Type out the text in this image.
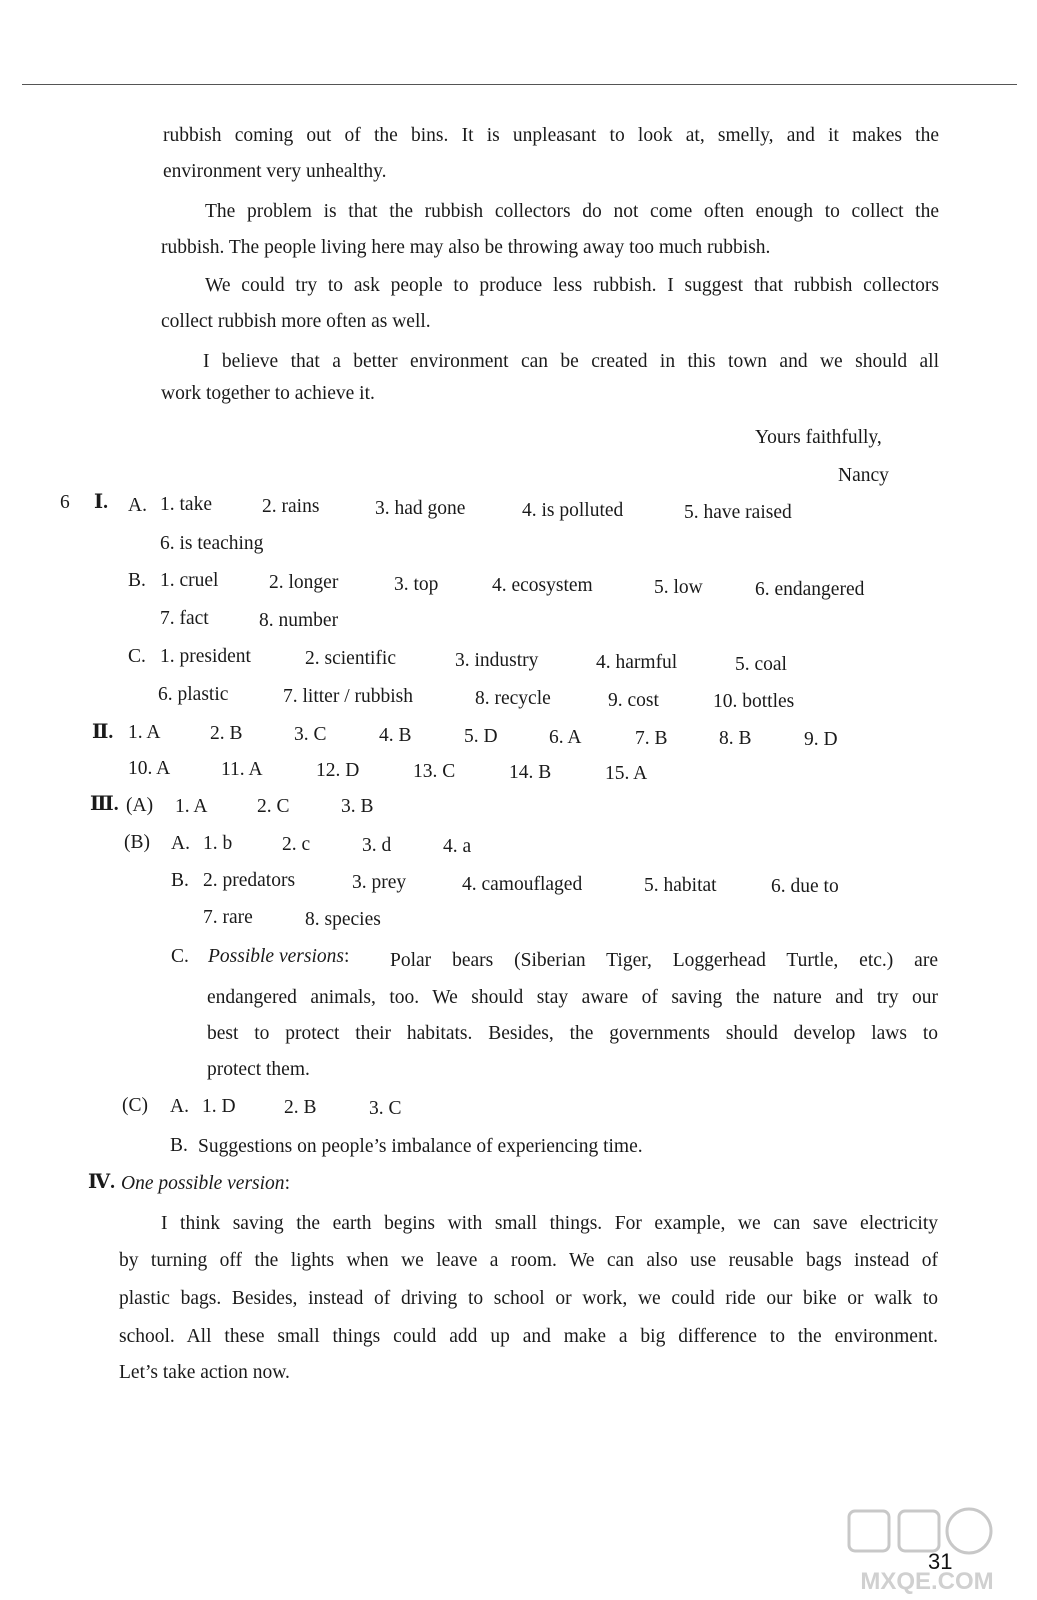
rubbish coming out of the bins. It is unpleasant to look at, smelly, and it makes the
environment very unhealthy.
The problem is that the rubbish collectors do not come often enough to collect the
rubbish. The people living here may also be throwing away too much rubbish.
We could try to ask people to produce less rubbish. I suggest that rubbish collectors
collect rubbish more often as well.
I believe that a better environment can be created in this town and we should all
work together to achieve it.
Yours faithfully,
Nancy
6 Ⅰ. A. 1. take	2. rains	3. had gone	4. is polluted	5. have raised
6. is teaching
B. 1. cruel	2. longer	3. top	4. ecosystem	5. low	6. endangered
7. fact	8. number
C. 1. president	2. scientific	3. industry	4. harmful	5. coal
6. plastic	7. litter / rubbish	8. recycle	9. cost	10. bottles
Ⅱ. 1. A	2. B	3. C	4. B	5. D	6. A	7. B	8. B	9. D
10. A	11. A	12. D	13. C	14. B	15. A
Ⅲ. (A) 1. A	2. C	3. B
(B) A. 1. b	2. c	3. d	4. a
B. 2. predators	3. prey	4. camouflaged	5. habitat	6. due to
7. rare	8. species
C. Possible versions: Polar bears (Siberian Tiger, Loggerhead Turtle, etc.) are
endangered animals, too. We should stay aware of saving the nature and try our
best to protect their habitats. Besides, the governments should develop laws to
protect them.
(C) A. 1. D 2. B	3. C
B. Suggestions on people’s imbalance of experiencing time.
Ⅳ. One possible version:
I think saving the earth begins with small things. For example, we can save electricity
by turning off the lights when we leave a room. We can also use reusable bags instead of
plastic bags. Besides, instead of driving to school or work, we could ride our bike or walk to
school. All these small things could add up and make a big difference to the environment.
Let’s take action now.
MXQE.COM
31
